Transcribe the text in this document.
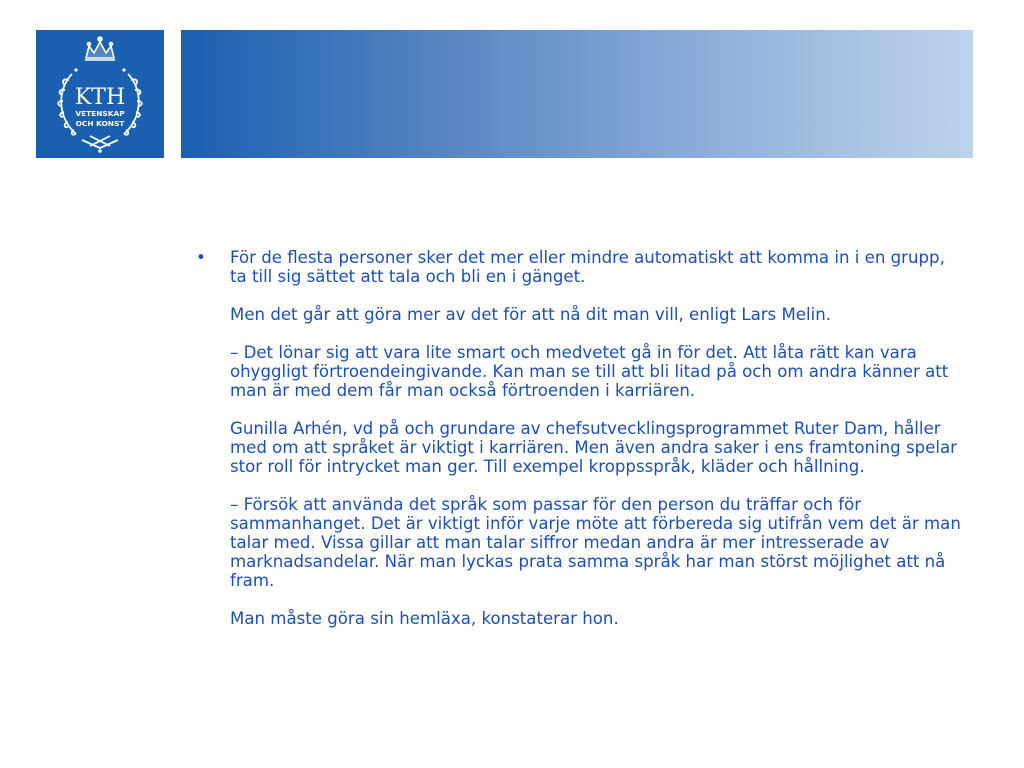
KTH
VETENSKAP
OCH KONST
• För de flesta personer sker det mer eller mindre automatiskt att komma in i en grupp, ta till sig sättet att tala och bli en i gänget.

Men det går att göra mer av det för att nå dit man vill, enligt Lars Melin.

– Det lönar sig att vara lite smart och medvetet gå in för det. Att låta rätt kan vara ohyggligt förtroendeingivande. Kan man se till att bli litad på och om andra känner att man är med dem får man också förtroenden i karriären.

Gunilla Arhén, vd på och grundare av chefsutvecklingsprogrammet Ruter Dam, håller med om att språket är viktigt i karriären. Men även andra saker i ens framtoning spelar stor roll för intrycket man ger. Till exempel kroppsspråk, kläder och hållning.

– Försök att använda det språk som passar för den person du träffar och för sammanhanget. Det är viktigt inför varje möte att förbereda sig utifrån vem det är man talar med. Vissa gillar att man talar siffror medan andra är mer intresserade av marknadsandelar. När man lyckas prata samma språk har man störst möjlighet att nå fram.

Man måste göra sin hemläxa, konstaterar hon.
